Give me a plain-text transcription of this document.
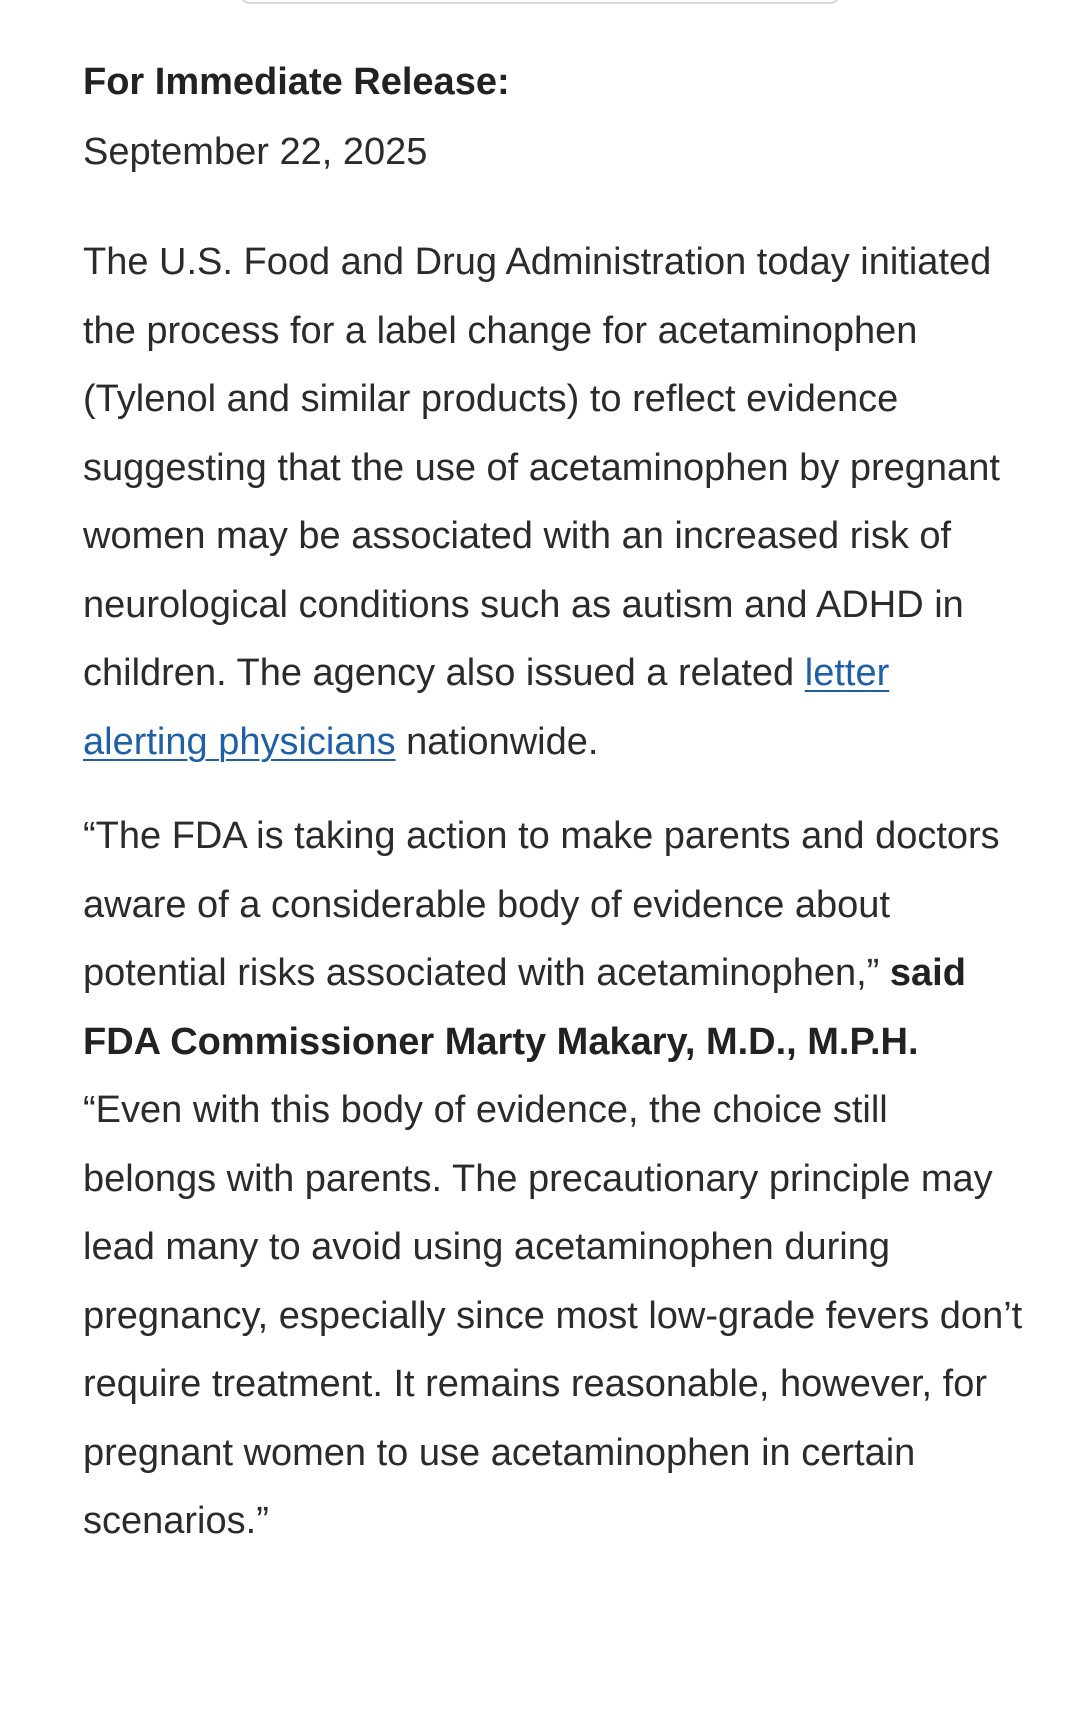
For Immediate Release:

September 22, 2025

The U.S. Food and Drug Administration today initiated the process for a label change for acetaminophen (Tylenol and similar products) to reflect evidence suggesting that the use of acetaminophen by pregnant women may be associated with an increased risk of neurological conditions such as autism and ADHD in children. The agency also issued a related letter alerting physicians nationwide.

“The FDA is taking action to make parents and doctors aware of a considerable body of evidence about potential risks associated with acetaminophen,” said FDA Commissioner Marty Makary, M.D., M.P.H. “Even with this body of evidence, the choice still belongs with parents. The precautionary principle may lead many to avoid using acetaminophen during pregnancy, especially since most low-grade fevers don’t require treatment. It remains reasonable, however, for pregnant women to use acetaminophen in certain scenarios.”
